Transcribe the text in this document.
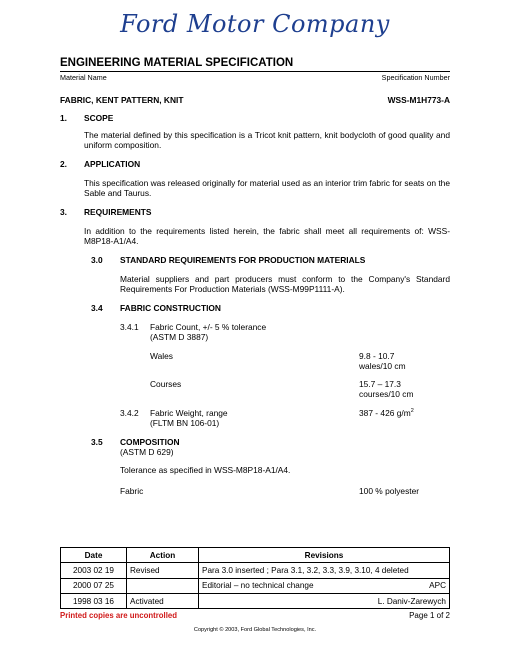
Ford Motor Company
ENGINEERING MATERIAL SPECIFICATION
Material Name	Specification Number
FABRIC, KENT PATTERN, KNIT	WSS-M1H773-A
1. SCOPE
The material defined by this specification is a Tricot knit pattern, knit bodycloth of good quality and uniform composition.
2. APPLICATION
This specification was released originally for material used as an interior trim fabric for seats on the Sable and Taurus.
3. REQUIREMENTS
In addition to the requirements listed herein, the fabric shall meet all requirements of: WSS-M8P18-A1/A4.
3.0 STANDARD REQUIREMENTS FOR PRODUCTION MATERIALS
Material suppliers and part producers must conform to the Company's Standard Requirements For Production Materials (WSS-M99P1111-A).
3.4 FABRIC CONSTRUCTION
3.4.1 Fabric Count, +/- 5 % tolerance
(ASTM D 3887)
Wales	9.8 - 10.7
wales/10 cm
Courses	15.7 – 17.3
courses/10 cm
3.4.2 Fabric Weight, range
(FLTM BN 106-01)
387 - 426 $g/m^2$
3.5 COMPOSITION
(ASTM D 629)
Tolerance as specified in WSS-M8P18-A1/A4.
Fabric	100 % polyester
Date	Action	Revisions
2003 02 19	Revised	Para 3.0 inserted ; Para 3.1, 3.2, 3.3, 3.9, 3.10, 4 deleted

2000 07 25		Editorial – no technical change APC

1998 03 16	Activated	L. Daniv-Zarewych
Printed copies are uncontrolled	Page 1 of 2
Copyright © 2003, Ford Global Technologies, Inc.
